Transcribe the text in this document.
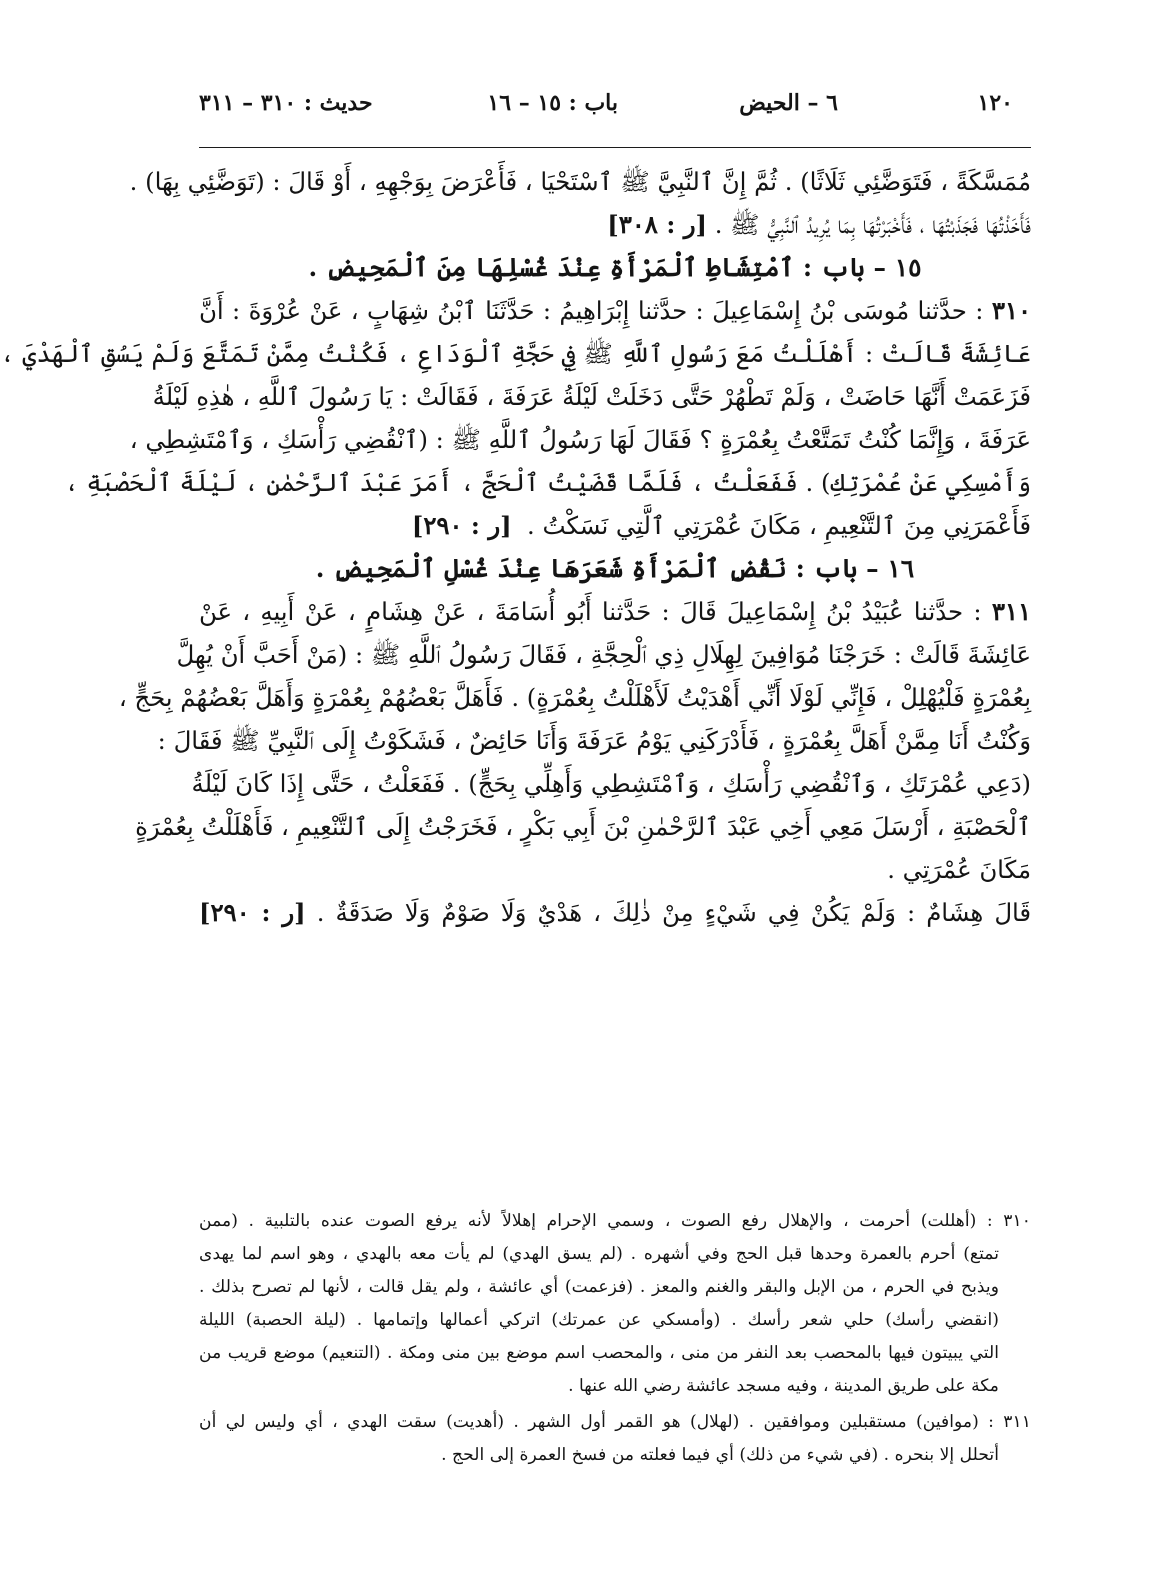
١٢٠
٦ – الحيض
باب : ١٥ – ١٦
حديث : ٣١٠ – ٣١١
مُمَسَّكَةً ، فَتَوَضَّئِي ثَلَاثًا) . ثُمَّ إِنَّ ٱلنَّبِيَّ ﷺ ٱسْتَحْيَا ، فَأَعْرَضَ بِوَجْهِهِ ، أَوْ قَالَ : (تَوَضَّئِي بِهَا) .
فَأَخَذْتُهَا فَجَذَبْتُهَا ، فَأَخْبَرْتُهَا بِمَا يُرِيدُ ٱلنَّبِيُّ ﷺ . [ر : ٣٠٨]
١٥ – باب : ٱمْتِشَاطِ ٱلْمَرْأَةِ عِنْدَ غُسْلِهَا مِنَ ٱلْمَحِيضِ .
٣١٠ : حدَّثنا مُوسَى بْنُ إِسْمَاعِيلَ : حدَّثنا إِبْرَاهِيمُ : حَدَّثَنَا ٱبْنُ شِهَابٍ ، عَنْ عُرْوَةَ : أَنَّ
عَائِشَةَ قَالَتْ : أَهْلَلْتُ مَعَ رَسُولِ ٱللَّهِ ﷺ فِي حَجَّةِ ٱلْوَدَاعِ ، فَكُنْتُ مِمَّنْ تَمَتَّعَ وَلَمْ يَسُقِ ٱلْهَدْيَ ،
فَزَعَمَتْ أَنَّهَا حَاضَتْ ، وَلَمْ تَطْهُرْ حَتَّى دَخَلَتْ لَيْلَةُ عَرَفَةَ ، فَقَالَتْ : يَا رَسُولَ ٱللَّهِ ، هٰذِهِ لَيْلَةُ
عَرَفَةَ ، وَإِنَّمَا كُنْتُ تَمَتَّعْتُ بِعُمْرَةٍ ؟ فَقَالَ لَهَا رَسُولُ ٱللَّهِ ﷺ : (ٱنْقُضِي رَأْسَكِ ، وَٱمْتَشِطِي ،
وَأَمْسِكِي عَنْ عُمْرَتِكِ) . فَفَعَلْتُ ، فَلَمَّا قَضَيْتُ ٱلْحَجَّ ، أَمَرَ عَبْدَ ٱلرَّحْمٰنِ ، لَيْلَةَ ٱلْحَصْبَةِ ،
فَأَعْمَرَنِي مِنَ ٱلتَّنْعِيمِ ، مَكَانَ عُمْرَتِي ٱلَّتِي نَسَكْتُ .  [ر : ٢٩٠]
١٦ – باب : نَقْضِ ٱلْمَرْأَةِ شَعَرَهَا عِنْدَ غُسْلِ ٱلْمَحِيضِ .
٣١١ : حدَّثنا عُبَيْدُ بْنُ إِسْمَاعِيلَ قَالَ : حَدَّثنا أَبُو أُسَامَةَ ، عَنْ هِشَامٍ ، عَنْ أَبِيهِ ، عَنْ
عَائِشَةَ قَالَتْ : خَرَجْنَا مُوَافِينَ لِهِلَالِ ذِي ٱلْحِجَّةِ ، فَقَالَ رَسُولُ ٱللَّهِ ﷺ : (مَنْ أَحَبَّ أَنْ يُهِلَّ
بِعُمْرَةٍ فَلْيُهْلِلْ ، فَإِنِّي لَوْلَا أَنِّي أَهْدَيْتُ لَأَهْلَلْتُ بِعُمْرَةٍ) . فَأَهَلَّ بَعْضُهُمْ بِعُمْرَةٍ وَأَهَلَّ بَعْضُهُمْ بِحَجٍّ ،
وَكُنْتُ أَنَا مِمَّنْ أَهَلَّ بِعُمْرَةٍ ، فَأَدْرَكَنِي يَوْمُ عَرَفَةَ وَأَنَا حَائِضٌ ، فَشَكَوْتُ إِلَى ٱلنَّبِيِّ ﷺ فَقَالَ :
(دَعِي عُمْرَتَكِ ، وَٱنْقُضِي رَأْسَكِ ، وَٱمْتَشِطِي وَأَهِلِّي بِحَجٍّ) . فَفَعَلْتُ ، حَتَّى إِذَا كَانَ لَيْلَةُ
ٱلْحَصْبَةِ ، أَرْسَلَ مَعِي أَخِي عَبْدَ ٱلرَّحْمٰنِ بْنَ أَبِي بَكْرٍ ، فَخَرَجْتُ إِلَى ٱلتَّنْعِيمِ ، فَأَهْلَلْتُ بِعُمْرَةٍ
مَكَانَ عُمْرَتِي .
قَالَ هِشَامٌ : وَلَمْ يَكُنْ فِي شَيْءٍ مِنْ ذٰلِكَ ، هَدْيٌ وَلَا صَوْمٌ وَلَا صَدَقَةٌ . [ر : ٢٩٠]
٣١٠ : (أهللت) أحرمت ، والإهلال رفع الصوت ، وسمي الإحرام إهلالاً لأنه يرفع الصوت عنده بالتلبية . (ممن
تمتع) أحرم بالعمرة وحدها قبل الحج وفي أشهره . (لم يسق الهدي) لم يأت معه بالهدي ، وهو اسم لما يهدى
ويذبح في الحرم ، من الإبل والبقر والغنم والمعز . (فزعمت) أي عائشة ، ولم يقل قالت ، لأنها لم تصرح بذلك .
(انقضي رأسك) حلي شعر رأسك . (وأمسكي عن عمرتك) اتركي أعمالها وإتمامها . (ليلة الحصبة) الليلة
التي يبيتون فيها بالمحصب بعد النفر من منى ، والمحصب اسم موضع بين منى ومكة . (التنعيم) موضع قريب من
مكة على طريق المدينة ، وفيه مسجد عائشة رضي الله عنها .
٣١١ : (موافين) مستقبلين وموافقين . (لهلال) هو القمر أول الشهر . (أهديت) سقت الهدي ، أي وليس لي أن
أتحلل إلا بنحره . (في شيء من ذلك) أي فيما فعلته من فسخ العمرة إلى الحج .
